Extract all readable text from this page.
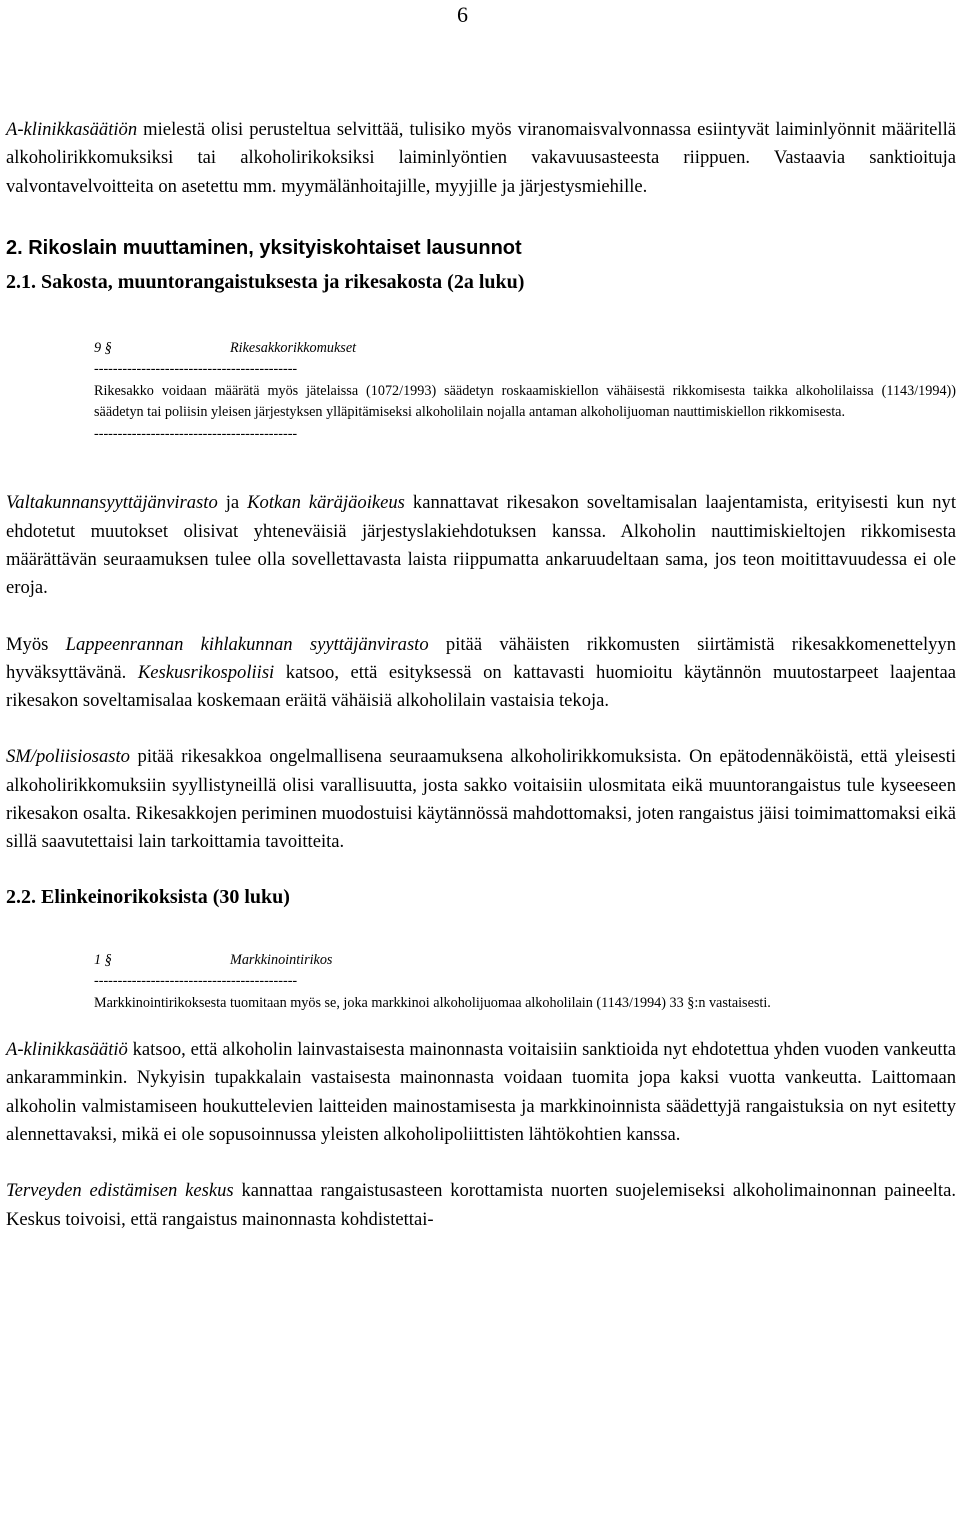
6

A-klinikkasäätiön mielestä olisi perusteltua selvittää, tulisiko myös viranomaisvalvonnassa esiintyvät laiminlyönnit määritellä alkoholirikkomuksiksi tai alkoholirikoksiksi laiminlyöntien vakavuusasteesta riippuen. Vastaavia sanktioituja valvontavelvoitteita on asetettu mm. myymälänhoitajille, myyjille ja järjestysmiehille.

2. Rikoslain muuttaminen, yksityiskohtaiset lausunnot

2.1. Sakosta, muuntorangaistuksesta ja rikesakosta (2a luku)

9 §	Rikesakkorikkomukset
-------------------------------------------
Rikesakko voidaan määrätä myös jätelaissa (1072/1993) säädetyn roskaamiskiellon vähäisestä rikkomisesta taikka alkoholilaissa (1143/1994)) säädetyn tai poliisin yleisen järjestyksen ylläpitämiseksi alkoholilain nojalla antaman alkoholijuoman nauttimiskiellon rikkomisesta.
-------------------------------------------

Valtakunnansyyttäjänvirasto ja Kotkan käräjäoikeus kannattavat rikesakon soveltamisalan laajentamista, erityisesti kun nyt ehdotetut muutokset olisivat yhteneväisiä järjestyslakiehdotuksen kanssa. Alkoholin nauttimiskieltojen rikkomisesta määrättävän seuraamuksen tulee olla sovellettavasta laista riippumatta ankaruudeltaan sama, jos teon moitittavuudessa ei ole eroja.

Myös Lappeenrannan kihlakunnan syyttäjänvirasto pitää vähäisten rikkomusten siirtämistä rikesakkomenettelyyn hyväksyttävänä. Keskusrikospoliisi katsoo, että esityksessä on kattavasti huomioitu käytännön muutostarpeet laajentaa rikesakon soveltamisalaa koskemaan eräitä vähäisiä alkoholilain vastaisia tekoja.

SM/poliisiosasto pitää rikesakkoa ongelmallisena seuraamuksena alkoholirikkomuksista. On epätodennäköistä, että yleisesti alkoholirikkomuksiin syyllistyneillä olisi varallisuutta, josta sakko voitaisiin ulosmitata eikä muuntorangaistus tule kyseeseen rikesakon osalta. Rikesakkojen periminen muodostuisi käytännössä mahdottomaksi, joten rangaistus jäisi toimimattomaksi eikä sillä saavutettaisi lain tarkoittamia tavoitteita.

2.2. Elinkeinorikoksista (30 luku)

1 §	Markkinointirikos
-------------------------------------------
Markkinointirikoksesta tuomitaan myös se, joka markkinoi alkoholijuomaa alkoholilain (1143/1994) 33 §:n vastaisesti.

A-klinikkasäätiö katsoo, että alkoholin lainvastaisesta mainonnasta voitaisiin sanktioida nyt ehdotettua yhden vuoden vankeutta ankaramminkin. Nykyisin tupakkalain vastaisesta mainonnasta voidaan tuomita jopa kaksi vuotta vankeutta. Laittomaan alkoholin valmistamiseen houkuttelevien laitteiden mainostamisesta ja markkinoinnista säädettyjä rangaistuksia on nyt esitetty alennettavaksi, mikä ei ole sopusoinnussa yleisten alkoholipoliittisten lähtökohtien kanssa.

Terveyden edistämisen keskus kannattaa rangaistusasteen korottamista nuorten suojelemiseksi alkoholimainonnan paineelta. Keskus toivoisi, että rangaistus mainonnasta kohdistettai-
